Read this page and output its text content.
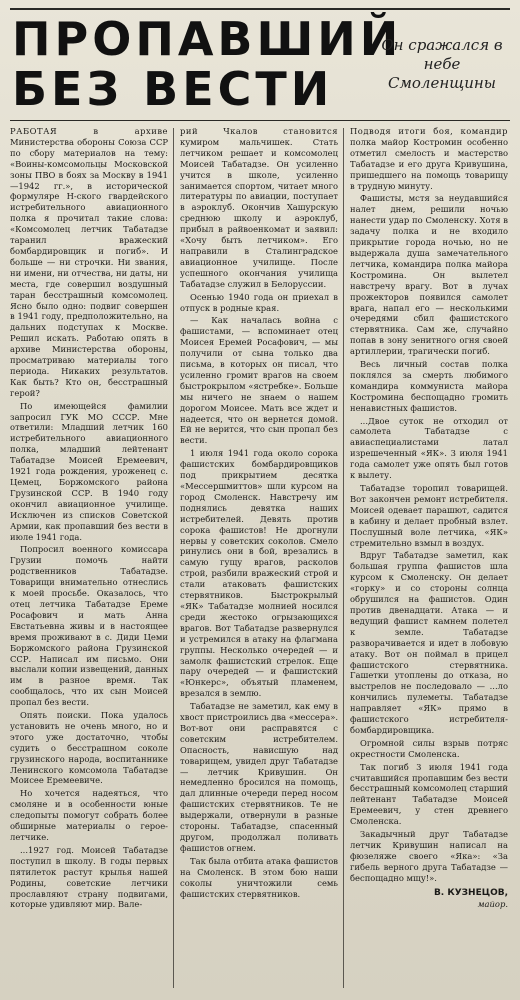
ПРОПАВШИЙ БЕЗ ВЕСТИ
Он сражался в небе Смоленщины

РАБОТАЯ в архиве Министерства обороны Союза ССР по сбору материалов на тему: «Воины-комсомольцы Московской зоны ПВО в боях за Москву в 1941—1942 гг.», в исторической формуляре Н-ского гвардейского истребительного авиационного полка я прочитал такие слова: «Комсомолец летчик Табатадзе таранил вражеский бомбардировщик и погиб». И больше — ни строчки. Ни звания, ни имени, ни отчества, ни даты, ни места, где совершил воздушный таран бесстрашный комсомолец. Ясно было одно: подвиг совершен в 1941 году, предположительно, на дальних подступах к Москве. Решил искать. Работаю опять в архиве Министерства обороны, просматриваю материалы того периода. Никаких результатов. Как быть? Кто он, бесстрашный герой?

По имеющейся фамилии запросил ГУК МО СССР. Мне ответили: Младший летчик 160 истребительного авиационного полка, младший лейтенант Табатадзе Моисей Еремеевич, 1921 года рождения, уроженец с. Цемец, Боржомского района Грузинской ССР. В 1940 году окончил авиационное училище. Исключен из списков Советской Армии, как пропавший без вести в июле 1941 года.

Попросил военного комиссара Грузии помочь найти родственников Табатадзе. Товарищи внимательно отнеслись к моей просьбе. Оказалось, что отец летчика Табатадзе Ереме Росафович и мать Анна Евстатьевна живы и в настоящее время проживают в с. Диди Цеми Боржомского района Грузинской ССР. Написал им письмо. Они выслали копии извещений, данных им в разное время. Так сообщалось, что их сын Моисей пропал без вести.

Опять поиски. Пока удалось установить не очень много, но и этого уже достаточно, чтобы судить о бесстрашном соколе грузинского народа, воспитаннике Ленинского комсомола Табатадзе Моисее Еремеевиче.

Но хочется надеяться, что смоляне и в особенности юные следопыты помогут собрать более обширные материалы о герое-летчике.

...1927 год. Моисей Табатадзе поступил в школу. В годы первых пятилеток растут крылья нашей Родины, советские летчики прославляют страну подвигами, которые удивляют мир. Вале-

рий Чкалов становится кумиром мальчишек. Стать летчиком решает и комсомолец Моисей Табатадзе. Он усиленно учится в школе, усиленно занимается спортом, читает много литературы по авиации, поступает в аэроклуб. Окончив Хашурскую среднюю школу и аэроклуб, прибыл в райвоенкомат и заявил: «Хочу быть летчиком». Его направили в Сталинградское авиационное училище. После успешного окончания училища Табатадзе служил в Белоруссии.

Осенью 1940 года он приехал в отпуск в родные края.

— Как началась война с фашистами, — вспоминает отец Моисея Еремей Росафович, — мы получили от сына только два письма, в которых он писал, что усиленно громит врагов на своем быстрокрылом «ястребке». Больше мы ничего не знаем о нашем дорогом Моисее. Мать все ждет и надеется, что он вернется домой. Ей не верится, что сын пропал без вести.

1 июля 1941 года около сорока фашистских бомбардировщиков под прикрытием десятка «Мессершмиттов» шли курсом на город Смоленск. Навстречу им поднялись девятка наших истребителей. Девять против сорока фашистов! Не дрогнули нервы у советских соколов. Смело ринулись они в бой, врезались в самую гущу врагов, расколов строй, разбили вражеский строй и стали атаковать фашистских стервятников. Быстрокрылый «ЯК» Табатадзе молнией носился среди жестоко огрызающихся врагов. Вот Табатадзе развернулся и устремился в атаку на флагмана группы. Несколько очередей — и замолк фашистский стрелок. Еще пару очередей — и фашистский «Юнкерс», объятый пламенем, врезался в землю.

Табатадзе не заметил, как ему в хвост пристроились два «мессера». Вот-вот они расправятся с советским истребителем. Опасность, нависшую над товарищем, увидел друг Табатадзе — летчик Кривушин. Он немедленно бросился на помощь, дал длинные очереди перед носом фашистских стервятников. Те не выдержали, отвернули в разные стороны. Табатадзе, спасенный другом, продолжал поливать фашистов огнем.

Так была отбита атака фашистов на Смоленск. В этом бою наши соколы уничтожили семь фашистских стервятников.

Подводя итоги боя, командир полка майор Костромин особенно отметил смелость и мастерство Табатадзе и его друга Кривушина, пришедшего на помощь товарищу в трудную минуту.

Фашисты, мстя за неудавшийся налет днем, решили ночью нанести удар по Смоленску. Хотя в задачу полка и не входило прикрытие города ночью, но не выдержала душа замечательного летчика, командира полка майора Костромина. Он вылетел навстречу врагу. Вот в лучах прожекторов появился самолет врага, напал его — несколькими очередями сбил фашистского стервятника. Сам же, случайно попав в зону зенитного огня своей артиллерии, трагически погиб.

Весь личный состав полка поклялся за смерть любимого командира коммуниста майора Костромина беспощадно громить ненавистных фашистов.

...Двое суток не отходил от самолета Табатадзе с авиаспециалистами латал изрешеченный «ЯК». 3 июля 1941 года самолет уже опять был готов к вылету.

Табатадзе торопил товарищей. Вот закончен ремонт истребителя. Моисей одевает парашют, садится в кабину и делает пробный взлет. Послушный воле летчика, «ЯК» стремительно взмыл в воздух.

Вдруг Табатадзе заметил, как большая группа фашистов шла курсом к Смоленску. Он делает «горку» и со стороны солнца обрушился на фашистов. Один против двенадцати. Атака — и ведущий фашист камнем полетел к земле. Табатадзе разворачивается и идет в лобовую атаку. Вот он поймал в прицел фашистского стервятника. Гашетки утоплены до отказа, но выстрелов не последовало — ...ло кончились пулеметы. Табатадзе направляет «ЯК» прямо в фашистского истребителя-бомбардировщика.

Огромной силы взрыв потряс окрестности Смоленска.

Так погиб 3 июля 1941 года считавшийся пропавшим без вести бесстрашный комсомолец старший лейтенант Табатадзе Моисей Еремеевич, у стен древнего Смоленска.

Закадычный друг Табатадзе летчик Кривушин написал на фюзеляже своего «Яка»: «За гибель верного друга Табатадзе — беспощадно мщу!».

В. КУЗНЕЦОВ,
майор.
